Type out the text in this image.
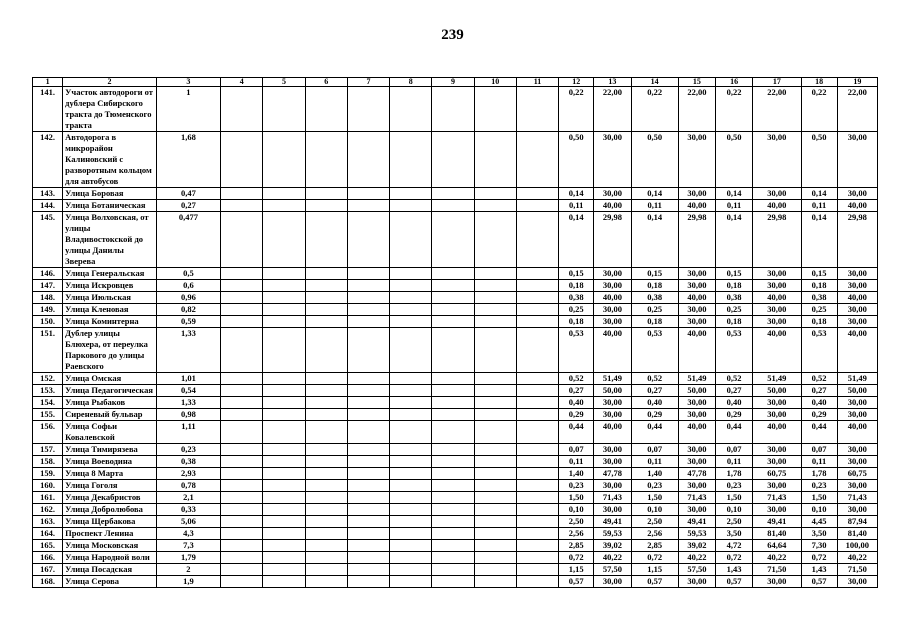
239
1	2	3	4	5	6	7	8	9	10	11	12	13	14	15	16	17	18	19
141.	Участок автодороги от дублера Сибирского тракта до Тюменского тракта	1									0,22	22,00	0,22	22,00	0,22	22,00	0,22	22,00
142.	Автодорога в микрорайон Калиновский с разворотным кольцом для автобусов	1,68									0,50	30,00	0,50	30,00	0,50	30,00	0,50	30,00
143.	Улица Боровая	0,47									0,14	30,00	0,14	30,00	0,14	30,00	0,14	30,00
144.	Улица Ботаническая	0,27									0,11	40,00	0,11	40,00	0,11	40,00	0,11	40,00
145.	Улица Волховская, от улицы Владивостокской до улицы Данилы Зверева	0,477									0,14	29,98	0,14	29,98	0,14	29,98	0,14	29,98
146.	Улица Генеральская	0,5									0,15	30,00	0,15	30,00	0,15	30,00	0,15	30,00
147.	Улица Искровцев	0,6									0,18	30,00	0,18	30,00	0,18	30,00	0,18	30,00
148.	Улица Июльская	0,96									0,38	40,00	0,38	40,00	0,38	40,00	0,38	40,00
149.	Улица Кленовая	0,82									0,25	30,00	0,25	30,00	0,25	30,00	0,25	30,00
150.	Улица Коминтерна	0,59									0,18	30,00	0,18	30,00	0,18	30,00	0,18	30,00
151.	Дублер улицы Блюхера, от переулка Паркового до улицы Раевского	1,33									0,53	40,00	0,53	40,00	0,53	40,00	0,53	40,00
152.	Улица Омская	1,01									0,52	51,49	0,52	51,49	0,52	51,49	0,52	51,49
153.	Улица Педагогическая	0,54									0,27	50,00	0,27	50,00	0,27	50,00	0,27	50,00
154.	Улица Рыбаков	1,33									0,40	30,00	0,40	30,00	0,40	30,00	0,40	30,00
155.	Сиреневый бульвар	0,98									0,29	30,00	0,29	30,00	0,29	30,00	0,29	30,00
156.	Улица Софьи Ковалевской	1,11									0,44	40,00	0,44	40,00	0,44	40,00	0,44	40,00
157.	Улица Тимирязева	0,23									0,07	30,00	0,07	30,00	0,07	30,00	0,07	30,00
158.	Улица Воеводина	0,38									0,11	30,00	0,11	30,00	0,11	30,00	0,11	30,00
159.	Улица 8 Марта	2,93									1,40	47,78	1,40	47,78	1,78	60,75	1,78	60,75
160.	Улица Гоголя	0,78									0,23	30,00	0,23	30,00	0,23	30,00	0,23	30,00
161.	Улица Декабристов	2,1									1,50	71,43	1,50	71,43	1,50	71,43	1,50	71,43
162.	Улица Добролюбова	0,33									0,10	30,00	0,10	30,00	0,10	30,00	0,10	30,00
163.	Улица Щербакова	5,06									2,50	49,41	2,50	49,41	2,50	49,41	4,45	87,94
164.	Проспект Ленина	4,3									2,56	59,53	2,56	59,53	3,50	81,40	3,50	81,40
165.	Улица Московская	7,3									2,85	39,02	2,85	39,02	4,72	64,64	7,30	100,00
166.	Улица Народной воли	1,79									0,72	40,22	0,72	40,22	0,72	40,22	0,72	40,22
167.	Улица Посадская	2									1,15	57,50	1,15	57,50	1,43	71,50	1,43	71,50
168.	Улица Серова	1,9									0,57	30,00	0,57	30,00	0,57	30,00	0,57	30,00
